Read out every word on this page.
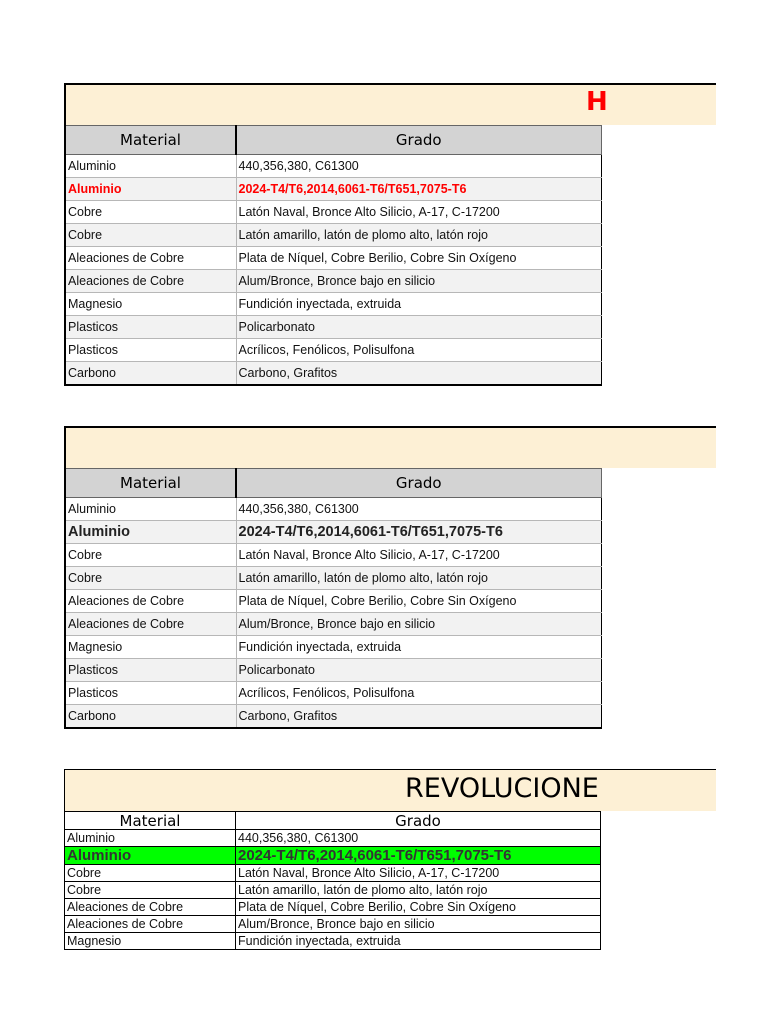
H
Material	Grado
Aluminio	440,356,380, C61300
Aluminio	2024-T4/T6,2014,6061-T6/T651,7075-T6
Cobre	Latón Naval, Bronce Alto Silicio, A-17, C-17200
Cobre	Latón amarillo, latón de plomo alto, latón rojo
Aleaciones de Cobre	Plata de Níquel, Cobre Berilio, Cobre Sin Oxígeno
Aleaciones de Cobre	Alum/Bronce, Bronce bajo en silicio
Magnesio	Fundición inyectada, extruida
Plasticos	Policarbonato
Plasticos	Acrílicos, Fenólicos, Polisulfona
Carbono	Carbono, Grafitos
Material	Grado
Aluminio	440,356,380, C61300
Aluminio	2024-T4/T6,2014,6061-T6/T651,7075-T6
Cobre	Latón Naval, Bronce Alto Silicio, A-17, C-17200
Cobre	Latón amarillo, latón de plomo alto, latón rojo
Aleaciones de Cobre	Plata de Níquel, Cobre Berilio, Cobre Sin Oxígeno
Aleaciones de Cobre	Alum/Bronce, Bronce bajo en silicio
Magnesio	Fundición inyectada, extruida
Plasticos	Policarbonato
Plasticos	Acrílicos, Fenólicos, Polisulfona
Carbono	Carbono, Grafitos
REVOLUCIONE
Material	Grado
Aluminio	440,356,380, C61300
Aluminio	2024-T4/T6,2014,6061-T6/T651,7075-T6
Cobre	Latón Naval, Bronce Alto Silicio, A-17, C-17200
Cobre	Latón amarillo, latón de plomo alto, latón rojo
Aleaciones de Cobre	Plata de Níquel, Cobre Berilio, Cobre Sin Oxígeno
Aleaciones de Cobre	Alum/Bronce, Bronce bajo en silicio
Magnesio	Fundición inyectada, extruida
